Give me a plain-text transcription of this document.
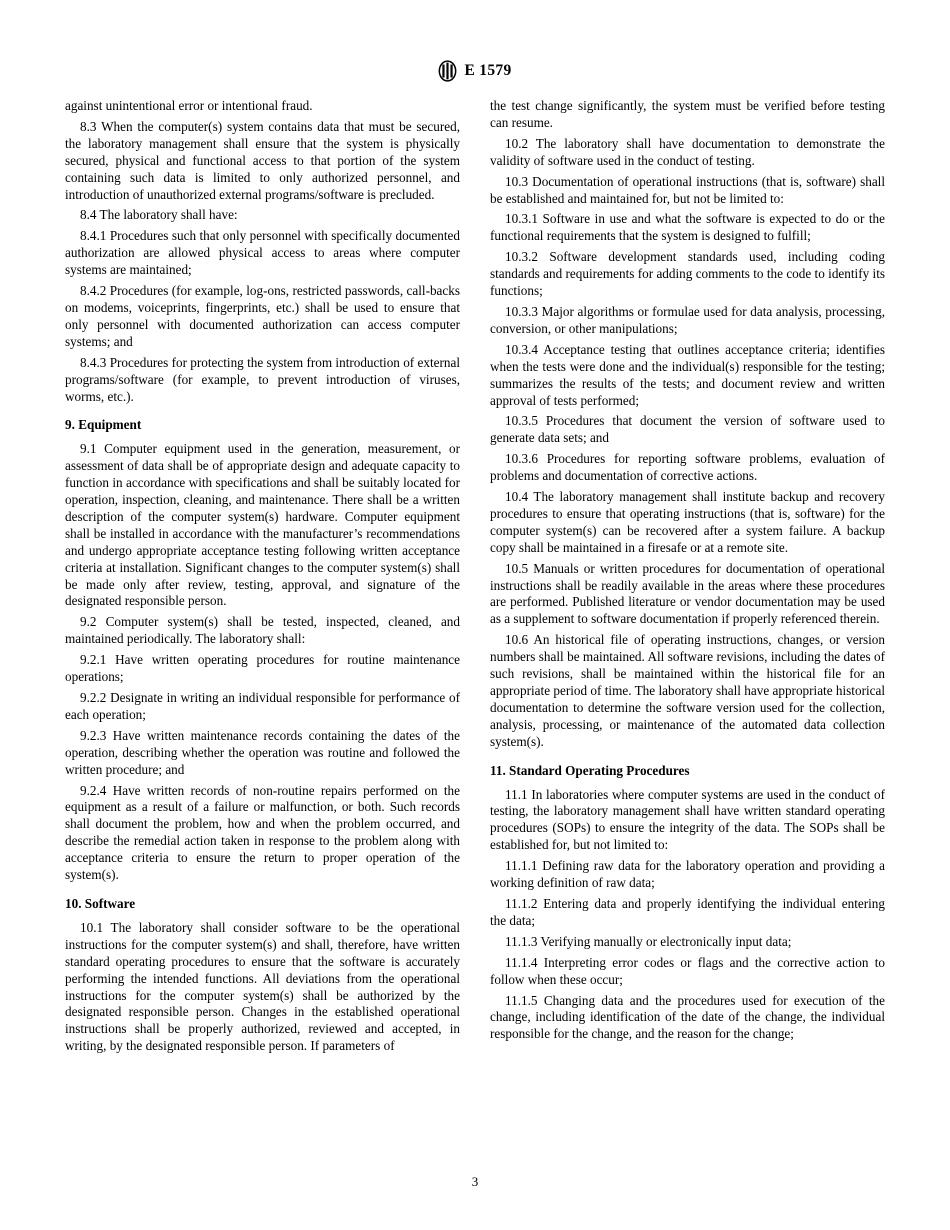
E 1579

against unintentional error or intentional fraud.

8.3 When the computer(s) system contains data that must be secured, the laboratory management shall ensure that the system is physically secured, physical and functional access to that portion of the system containing such data is limited to only authorized personnel, and introduction of unauthorized external programs/software is precluded.

8.4 The laboratory shall have:

8.4.1 Procedures such that only personnel with specifically documented authorization are allowed physical access to areas where computer systems are maintained;

8.4.2 Procedures (for example, log-ons, restricted passwords, call-backs on modems, voiceprints, fingerprints, etc.) shall be used to ensure that only personnel with documented authorization can access computer systems; and

8.4.3 Procedures for protecting the system from introduction of external programs/software (for example, to prevent introduction of viruses, worms, etc.).

9. Equipment

9.1 Computer equipment used in the generation, measurement, or assessment of data shall be of appropriate design and adequate capacity to function in accordance with specifications and shall be suitably located for operation, inspection, cleaning, and maintenance. There shall be a written description of the computer system(s) hardware. Computer equipment shall be installed in accordance with the manufacturer’s recommendations and undergo appropriate acceptance testing following written acceptance criteria at installation. Significant changes to the computer system(s) shall be made only after review, testing, approval, and signature of the designated responsible person.

9.2 Computer system(s) shall be tested, inspected, cleaned, and maintained periodically. The laboratory shall:

9.2.1 Have written operating procedures for routine maintenance operations;

9.2.2 Designate in writing an individual responsible for performance of each operation;

9.2.3 Have written maintenance records containing the dates of the operation, describing whether the operation was routine and followed the written procedure; and

9.2.4 Have written records of non-routine repairs performed on the equipment as a result of a failure or malfunction, or both. Such records shall document the problem, how and when the problem occurred, and describe the remedial action taken in response to the problem along with acceptance criteria to ensure the return to proper operation of the system(s).

10. Software

10.1 The laboratory shall consider software to be the operational instructions for the computer system(s) and shall, therefore, have written standard operating procedures to ensure that the software is accurately performing the intended functions. All deviations from the operational instructions for the computer system(s) shall be authorized by the designated responsible person. Changes in the established operational instructions shall be properly authorized, reviewed and accepted, in writing, by the designated responsible person. If parameters of

the test change significantly, the system must be verified before testing can resume.

10.2 The laboratory shall have documentation to demonstrate the validity of software used in the conduct of testing.

10.3 Documentation of operational instructions (that is, software) shall be established and maintained for, but not be limited to:

10.3.1 Software in use and what the software is expected to do or the functional requirements that the system is designed to fulfill;

10.3.2 Software development standards used, including coding standards and requirements for adding comments to the code to identify its functions;

10.3.3 Major algorithms or formulae used for data analysis, processing, conversion, or other manipulations;

10.3.4 Acceptance testing that outlines acceptance criteria; identifies when the tests were done and the individual(s) responsible for the testing; summarizes the results of the tests; and document review and written approval of tests performed;

10.3.5 Procedures that document the version of software used to generate data sets; and

10.3.6 Procedures for reporting software problems, evaluation of problems and documentation of corrective actions.

10.4 The laboratory management shall institute backup and recovery procedures to ensure that operating instructions (that is, software) for the computer system(s) can be recovered after a system failure. A backup copy shall be maintained in a firesafe or at a remote site.

10.5 Manuals or written procedures for documentation of operational instructions shall be readily available in the areas where these procedures are performed. Published literature or vendor documentation may be used as a supplement to software documentation if properly referenced therein.

10.6 An historical file of operating instructions, changes, or version numbers shall be maintained. All software revisions, including the dates of such revisions, shall be maintained within the historical file for an appropriate period of time. The laboratory shall have appropriate historical documentation to determine the software version used for the collection, analysis, processing, or maintenance of the automated data collection system(s).

11. Standard Operating Procedures

11.1 In laboratories where computer systems are used in the conduct of testing, the laboratory management shall have written standard operating procedures (SOPs) to ensure the integrity of the data. The SOPs shall be established for, but not limited to:

11.1.1 Defining raw data for the laboratory operation and providing a working definition of raw data;

11.1.2 Entering data and properly identifying the individual entering the data;

11.1.3 Verifying manually or electronically input data;

11.1.4 Interpreting error codes or flags and the corrective action to follow when these occur;

11.1.5 Changing data and the procedures used for execution of the change, including identification of the date of the change, the individual responsible for the change, and the reason for the change;

3
